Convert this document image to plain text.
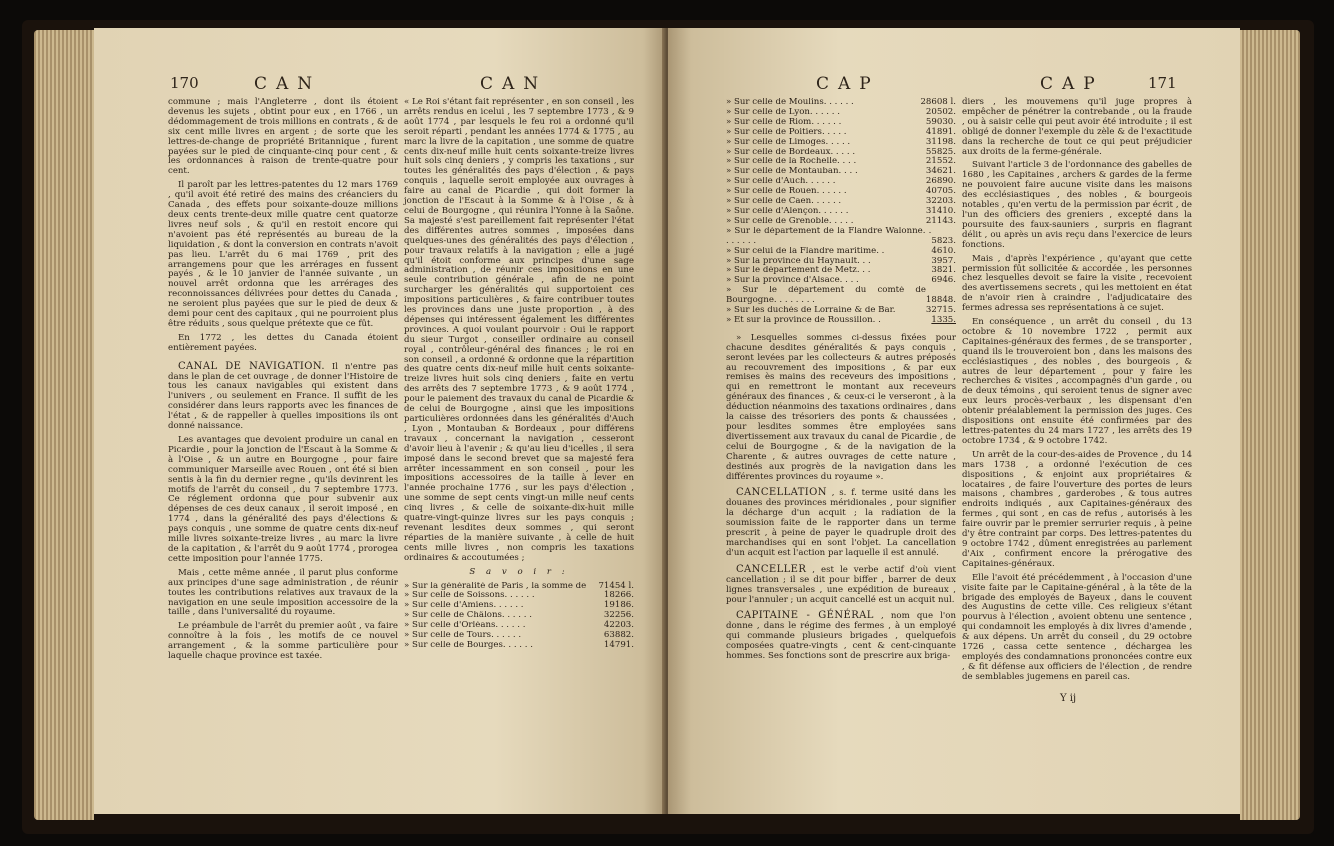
170	CAN	CAN

commune ; mais l'Angleterre , dont ils étoient devenus les sujets , obtint pour eux , en 1766 , un dédommagement de trois millions en contrats , & de six cent mille livres en argent ; de sorte que les lettres-de-change de propriété Britannique , furent payées sur le pied de cinquante-cinq pour cent , & les ordonnances à raison de trente-quatre pour cent.

Il paroît par les lettres-patentes du 12 mars 1769 , qu'il avoit été retiré des mains des créanciers du Canada , des effets pour soixante-douze millions deux cents trente-deux mille quatre cent quatorze livres neuf sols , & qu'il en restoit encore qui n'avoient pas été représentés au bureau de la liquidation , & dont la conversion en contrats n'avoit pas lieu. L'arrêt du 6 mai 1769 , prit des arrangemens pour que les arrérages en fussent payés , & le 10 janvier de l'année suivante , un nouvel arrêt ordonna que les arrérages des reconnoissances délivrées pour dettes du Canada , ne seroient plus payées que sur le pied de deux & demi pour cent des capitaux , qui ne pourroient plus être réduits , sous quelque prétexte que ce fût.

En 1772 , les dettes du Canada étoient entièrement payées.

CANAL DE NAVIGATION. Il n'entre pas dans le plan de cet ouvrage , de donner l'Histoire de tous les canaux navigables qui existent dans l'univers , ou seulement en France. Il suffit de les considérer dans leurs rapports avec les finances de l'état , & de rappeller à quelles impositions ils ont donné naissance.

Les avantages que devoient produire un canal en Picardie , pour la jonction de l'Escaut à la Somme & à l'Oise , & un autre en Bourgogne , pour faire communiquer Marseille avec Rouen , ont été si bien sentis à la fin du dernier regne , qu'ils devinrent les motifs de l'arrêt du conseil , du 7 septembre 1773. Ce réglement ordonna que pour subvenir aux dépenses de ces deux canaux , il seroit imposé , en 1774 , dans la généralité des pays d'élections & pays conquis , une somme de quatre cents dix-neuf mille livres soixante-treize livres , au marc la livre de la capitation , & l'arrêt du 9 août 1774 , prorogea cette imposition pour l'année 1775.

Mais , cette même année , il parut plus conforme aux principes d'une sage administration , de réunir toutes les contributions relatives aux travaux de la navigation en une seule imposition accessoire de la taille , dans l'universalité du royaume.

Le préambule de l'arrêt du premier août , va faire connoître à la fois , les motifs de ce nouvel arrangement , & la somme particulière pour laquelle chaque province est taxée.

« Le Roi s'étant fait représenter , en son conseil , les arrêts rendus en icelui , les 7 septembre 1773 , & 9 août 1774 , par lesquels le feu roi a ordonné qu'il seroit réparti , pendant les années 1774 & 1775 , au marc la livre de la capitation , une somme de quatre cents dix-neuf mille huit cents soixante-treize livres huit sols cinq deniers , y compris les taxations , sur toutes les généralités des pays d'élection , & pays conquis , laquelle seroit employée aux ouvrages à faire au canal de Picardie , qui doit former la jonction de l'Escaut à la Somme & à l'Oise , & à celui de Bourgogne , qui réunira l'Yonne à la Saône. Sa majesté s'est pareillement fait représenter l'état des différentes autres sommes , imposées dans quelques-unes des généralités des pays d'élection , pour travaux relatifs à la navigation ; elle a jugé qu'il étoit conforme aux principes d'une sage administration , de réunir ces impositions en une seule contribution générale , afin de ne point surcharger les généralités qui supportoient ces impositions particulières , & faire contribuer toutes les provinces dans une juste proportion , à des dépenses qui intéressent également les différentes provinces. A quoi voulant pourvoir : Oui le rapport du sieur Turgot , conseiller ordinaire au conseil royal , contrôleur-général des finances ; le roi en son conseil , a ordonné & ordonne que la répartition des quatre cents dix-neuf mille huit cents soixante-treize livres huit sols cinq deniers , faite en vertu des arrêts des 7 septembre 1773 , & 9 août 1774 , pour le paiement des travaux du canal de Picardie & de celui de Bourgogne , ainsi que les impositions particulières ordonnées dans les généralités d'Auch , Lyon , Montauban & Bordeaux , pour différens travaux , concernant la navigation , cesseront d'avoir lieu à l'avenir ; & qu'au lieu d'icelles , il sera imposé dans le second brevet que sa majesté fera arrêter incessamment en son conseil , pour les impositions accessoires de la taille à lever en l'année prochaine 1776 , sur les pays d'élection , une somme de sept cents vingt-un mille neuf cents cinq livres , & celle de soixante-dix-huit mille quatre-vingt-quinze livres sur les pays conquis ; revenant lesdites deux sommes , qui seront réparties de la manière suivante , à celle de huit cents mille livres , non compris les taxations ordinaires & accoutumées ;

S a v o i r :
» Sur la généralité de Paris , la somme de 71454 l.
» Sur celle de Soissons. . . . . .	18266.
» Sur celle d'Amiens. . . . . .	19186.
» Sur celle de Châlons. . . . . .	32256.
» Sur celle d'Orléans. . . . . .	42203.
» Sur celle de Tours. . . . . .	63882.
» Sur celle de Bourges. . . . . .	14791.
CAP	CAP	171
» Sur celle de Moulins. . . . . .	28608 l.
» Sur celle de Lyon. . . . . .	20502.
» Sur celle de Riom. . . . . .	59030.
» Sur celle de Poitiers. . . . .	41891.
» Sur celle de Limoges. . . . .	31198.
» Sur celle de Bordeaux. . . . .	55825.
» Sur celle de la Rochelle. . . .	21552.
» Sur celle de Montauban. . . .	34621.
» Sur celle d'Auch. . . . . .	26890.
» Sur celle de Rouen. . . . . .	40705.
» Sur celle de Caen. . . . . .	32203.
» Sur celle d'Alençon. . . . . .	31410.
» Sur celle de Grenoble. . . . .	21143.
» Sur le département de la Flandre Walonne. . . . . . . .	5823.
» Sur celui de la Flandre maritime. .	4610.
» Sur la province du Haynault. . .	3957.
» Sur le département de Metz. . .	3821.
» Sur la province d'Alsace. . . .	6946.
» Sur le département du comté de Bourgogne. . . . . . . .	18848.
» Sur les duchés de Lorraine & de Bar.	32715.
» Et sur la province de Roussillon. .	1335.

» Lesquelles sommes ci-dessus fixées pour chacune desdites généralités & pays conquis , seront levées par les collecteurs & autres préposés au recouvrement des impositions , & par eux remises ès mains des receveurs des impositions , qui en remettront le montant aux receveurs généraux des finances , & ceux-ci le verseront , à la déduction néanmoins des taxations ordinaires , dans la caisse des trésoriers des ponts & chaussées , pour lesdites sommes être employées sans divertissement aux travaux du canal de Picardie , de celui de Bourgogne , & de la navigation de la Charente , & autres ouvrages de cette nature , destinés aux progrès de la navigation dans les différentes provinces du royaume ».

CANCELLATION , s. f. terme usité dans les douanes des provinces méridionales , pour signifier la décharge d'un acquit ; la radiation de la soumission faite de le rapporter dans un terme prescrit , à peine de payer le quadruple droit des marchandises qui en sont l'objet. La cancellation d'un acquit est l'action par laquelle il est annulé.

CANCELLER , est le verbe actif d'où vient cancellation ; il se dit pour biffer , barrer de deux lignes transversales , une expédition de bureaux , pour l'annuler ; un acquit cancellé est un acquit nul.

CAPITAINE - GÉNÉRAL , nom que l'on donne , dans le régime des fermes , à un employé qui commande plusieurs brigades , quelquefois composées quatre-vingts , cent & cent-cinquante hommes. Ses fonctions sont de prescrire aux briga-

diers , les mouvemens qu'il juge propres à empêcher de pénétrer la contrebande , ou la fraude , ou à saisir celle qui peut avoir été introduite ; il est obligé de donner l'exemple du zèle & de l'exactitude dans la recherche de tout ce qui peut préjudicier aux droits de la ferme-générale.

Suivant l'article 3 de l'ordonnance des gabelles de 1680 , les Capitaines , archers & gardes de la ferme ne pouvoient faire aucune visite dans les maisons des ecclésiastiques , des nobles , & bourgeois notables , qu'en vertu de la permission par écrit , de l'un des officiers des greniers , excepté dans la poursuite des faux-sauniers , surpris en flagrant délit , ou après un avis reçu dans l'exercice de leurs fonctions.

Mais , d'après l'expérience , qu'ayant que cette permission fût sollicitée & accordée , les personnes chez lesquelles devoit se faire la visite , recevoient des avertissemens secrets , qui les mettoient en état de n'avoir rien à craindre , l'adjudicataire des fermes adressa ses représentations à ce sujet.

En conséquence , un arrêt du conseil , du 13 octobre & 10 novembre 1722 , permit aux Capitaines-généraux des fermes , de se transporter , quand ils le trouveroient bon , dans les maisons des ecclésiastiques , des nobles , des bourgeois , & autres de leur département , pour y faire les recherches & visites , accompagnés d'un garde , ou de deux témoins , qui seroient tenus de signer avec eux leurs procès-verbaux , les dispensant d'en obtenir préalablement la permission des juges. Ces dispositions ont ensuite été confirmées par des lettres-patentes du 24 mars 1727 , les arrêts des 19 octobre 1734 , & 9 octobre 1742.

Un arrêt de la cour-des-aides de Provence , du 14 mars 1738 , a ordonné l'exécution de ces dispositions , & enjoint aux propriétaires & locataires , de faire l'ouverture des portes de leurs maisons , chambres , garderobes , & tous autres endroits indiqués , aux Capitaines-généraux des fermes , qui sont , en cas de refus , autorisés à les faire ouvrir par le premier serrurier requis , à peine d'y être contraint par corps. Des lettres-patentes du 9 octobre 1742 , dûment enregistrées au parlement d'Aix , confirment encore la prérogative des Capitaines-généraux.

Elle l'avoit été précédemment , à l'occasion d'une visite faite par le Capitaine-général , à la tête de la brigade des employés de Bayeux , dans le couvent des Augustins de cette ville. Ces religieux s'étant pourvus à l'élection , avoient obtenu une sentence , qui condamnoit les employés à dix livres d'amende , & aux dépens. Un arrêt du conseil , du 29 octobre 1726 , cassa cette sentence , déchargea les employés des condamnations prononcées contre eux , & fit défense aux officiers de l'élection , de rendre de semblables jugemens en pareil cas.

Y ij
